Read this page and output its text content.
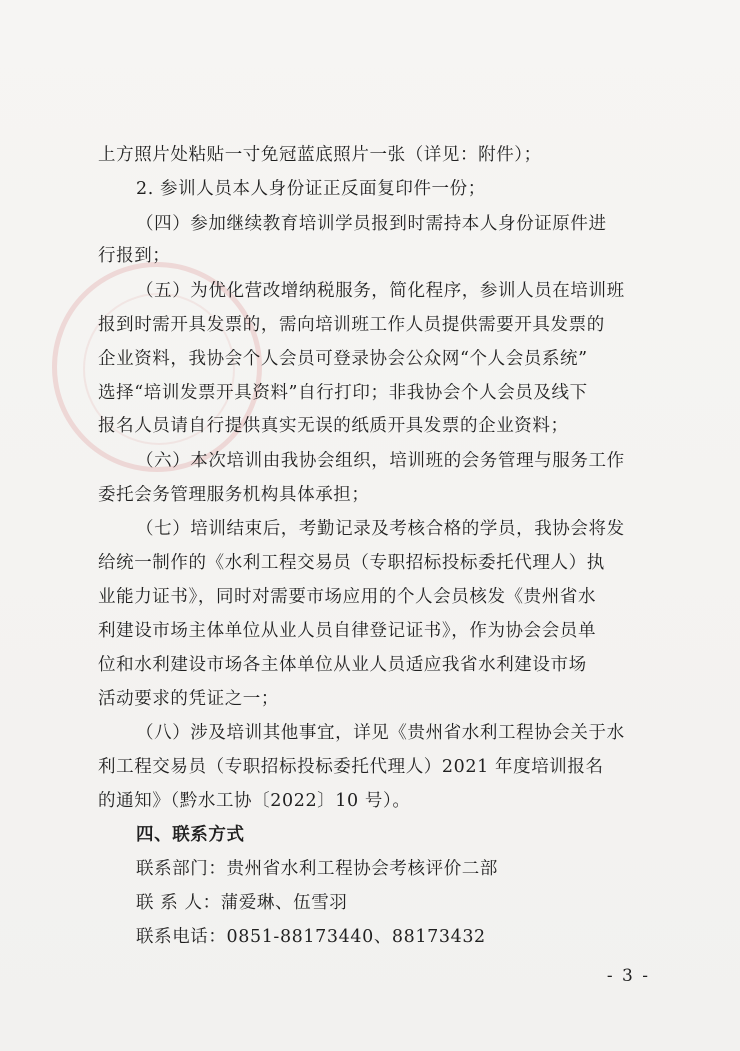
上方照片处粘贴一寸免冠蓝底照片一张（详见：附件）；
2. 参训人员本人身份证正反面复印件一份；
（四）参加继续教育培训学员报到时需持本人身份证原件进
行报到；
（五）为优化营改增纳税服务，简化程序，参训人员在培训班
报到时需开具发票的，需向培训班工作人员提供需要开具发票的
企业资料，我协会个人会员可登录协会公众网“个人会员系统”
选择“培训发票开具资料”自行打印；非我协会个人会员及线下
报名人员请自行提供真实无误的纸质开具发票的企业资料；
（六）本次培训由我协会组织，培训班的会务管理与服务工作
委托会务管理服务机构具体承担；
（七）培训结束后，考勤记录及考核合格的学员，我协会将发
给统一制作的《水利工程交易员（专职招标投标委托代理人）执
业能力证书》，同时对需要市场应用的个人会员核发《贵州省水
利建设市场主体单位从业人员自律登记证书》，作为协会会员单
位和水利建设市场各主体单位从业人员适应我省水利建设市场
活动要求的凭证之一；
（八）涉及培训其他事宜，详见《贵州省水利工程协会关于水
利工程交易员（专职招标投标委托代理人）2021 年度培训报名
的通知》（黔水工协〔2022〕10 号）。
四、联系方式
联系部门：贵州省水利工程协会考核评价二部
联 系 人：蒲爱琳、伍雪羽
联系电话：0851-88173440、88173432
- 3 -
